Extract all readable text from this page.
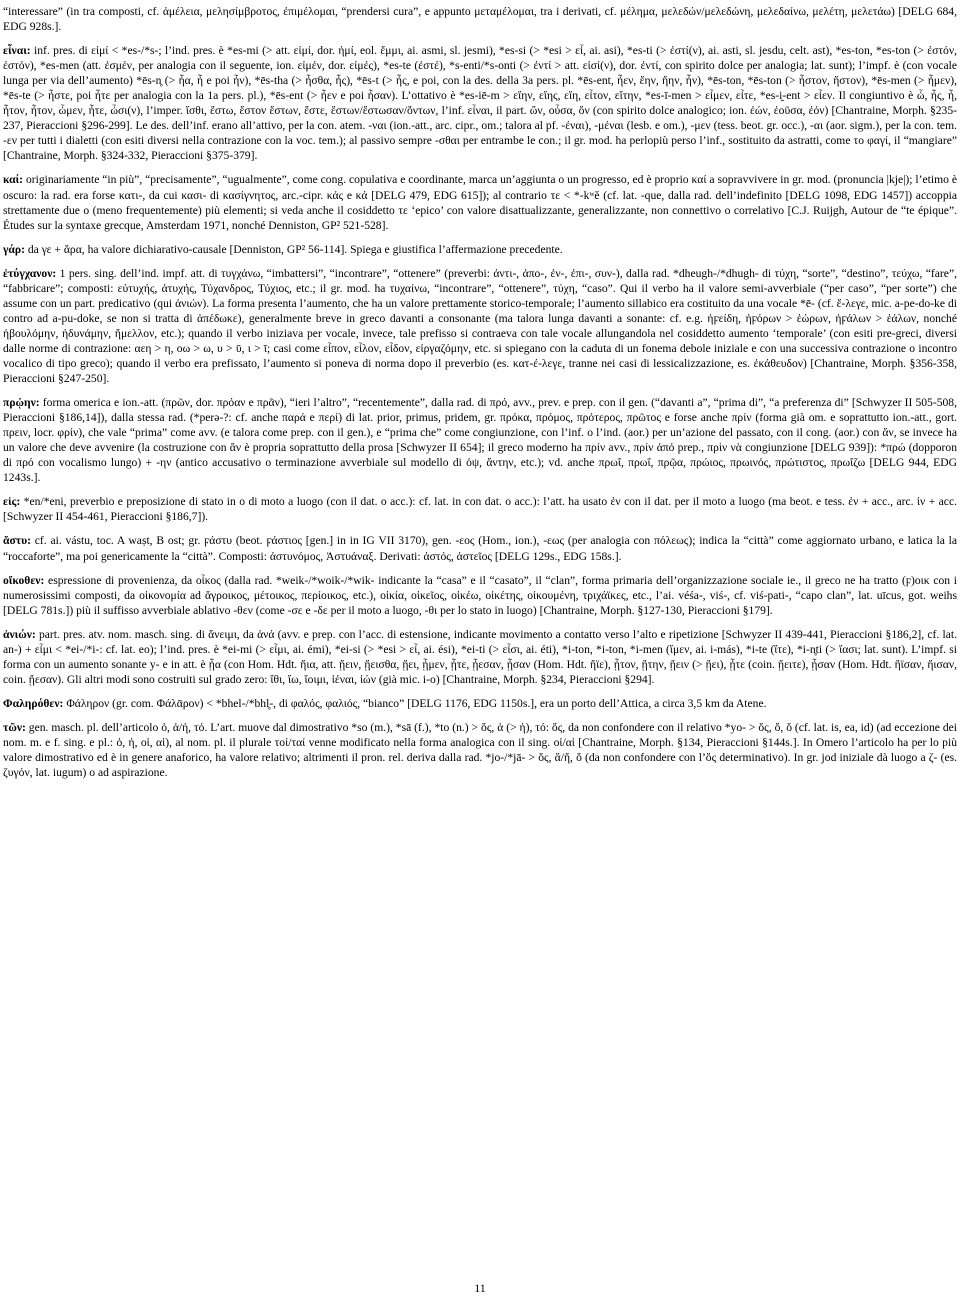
“interessare” (in tra composti, cf. ἀμέλεια, μελησίμβροτος, ἐπιμέλομαι, “prendersi cura”, e appunto μεταμέλομαι, tra i derivati, cf. μέλημα, μελεδών/μελεδώνη, μελεδαίνω, μελέτη, μελετάω) [DELG 684, EDG 928s.].
εἶναι: inf. pres. di εἰμί < *es-/*s-; l’ind. pres. è *es-mi (> att. εἰμί, dor. ἠμί, eol. ἔμμι, ai. asmi, sl. jesmi), *es-si (> *esi > εἶ, ai. asi), *es-ti (> ἐστί(ν), ai. asti, sl. jesdu, celt. ast), *es-ton, *es-ton (> ἐστόν, ἐστόν), *es-men (att. ἐσμέν, per analogia con il seguente, ion. εἰμέν, dor. εἰμές), *es-te (ἐστέ), *s-enti/*s-onti (> ἐντί > att. εἰσί(ν), dor. ἐντί, con spirito dolce per analogia; lat. sunt); l’impf. è (con vocale lunga per via dell’aumento) *ēs-n̥ (> ἦα, ἦ e poi ἦν), *ēs-tha (> ἦσθα, ἦς), *ēs-t (> ἦς, e poi, con la des. della 3a pers. pl. *ēs-ent, ἦεν, ἔην, ἤην, ἦν), *ēs-ton, *ēs-ton (> ἦστον, ἤστον), *ēs-men (> ἦμεν), *ēs-te (> ἦστε, poi ἦτε per analogia con la 1a pers. pl.), *ēs-ent (> ἦεν e poi ἦσαν). L’ottativo è *es-iē-m > εἴην, εἴης, εἴη, εἶτον, εἴτην, *es-ī-men > εἶμεν, εἶτε, *es-i̯-ent > εἶεν. Il congiuntivo è ὦ, ἦς, ἦ, ἦτον, ἦτον, ὦμεν, ἦτε, ὦσι(ν), l’imper. ἴσθι, ἔστω, ἔστον ἔστων, ἔστε, ἔστων/ἔστωσαν/ὄντων, l’inf. εἶναι, il part. ὤν, οὖσα, ὄν (con spirito dolce analogico; ion. ἐών, ἐοῦσα, ἐόν) [Chantraine, Morph. §235-237, Pieraccioni §296-299]. Le des. dell’inf. erano all’attivo, per la con. atem. -ναι (ion.-att., arc. cipr., om.; talora al pf. -έναι), -μέναι (lesb. e om.), -μεν (tess. beot. gr. occ.), -αι (aor. sigm.), per la con. tem. -εν per tutti i dialetti (con esiti diversi nella contrazione con la voc. tem.); al passivo sempre -σθαι per entrambe le con.; il gr. mod. ha perlopiù perso l’inf., sostituito da astratti, come το φαγί, il “mangiare” [Chantraine, Morph. §324-332, Pieraccioni §375-379].
καί: originariamente “in più”, “precisamente”, “ugualmente”, come cong. copulativa e coordinante, marca un’aggiunta o un progresso, ed è proprio καί a sopravvivere in gr. mod. (pronuncia |kje|); l’etimo è oscuro: la rad. era forse κατι-, da cui κασι- di κασίγνητος, arc.-cipr. κάς e κά [DELG 479, EDG 615]); al contrario τε < *-kʷĕ (cf. lat. -que, dalla rad. dell’indefinito [DELG 1098, EDG 1457]) accoppia strettamente due o (meno frequentemente) più elementi; si veda anche il cosiddetto τε ‘epico’ con valore disattualizzante, generalizzante, non connettivo o correlativo [C.J. Ruijgh, Autour de “te épique”. Études sur la syntaxe grecque, Amsterdam 1971, nonché Denniston, GP² 521-528].
γάρ: da γε + ἄρα, ha valore dichiarativo-causale [Denniston, GP² 56-114]. Spiega e giustifica l’affermazione precedente.
ἐτύγχανον: 1 pers. sing. dell’ind. impf. att. di τυγχάνω, “imbattersi”, “incontrare”, “ottenere” (preverbi: ἀντι-, ἀπο-, ἐν-, ἐπι-, συν-), dalla rad. *dheugh-/*dhugh- di τύχη, “sorte”, “destino”, τεύχω, “fare”, “fabbricare”; composti: εὐτυχής, ἀτυχής, Τύχανδρος, Τύχιος, etc.; il gr. mod. ha τυχαίνω, “incontrare”, “ottenere”, τύχη, “caso”. Qui il verbo ha il valore semi-avverbiale (“per caso”, “per sorte”) che assume con un part. predicativo (qui ἀνιών). La forma presenta l’aumento, che ha un valore prettamente storico-temporale; l’aumento sillabico era costituito da una vocale *ē- (cf. ἔ-λεγε, mic. a-pe-do-ke di contro ad a-pu-doke, se non si tratta di ἀπέδωκε), generalmente breve in greco davanti a consonante (ma talora lunga davanti a sonante: cf. e.g. ἠϝείδη, ἠϝόρων > ἑώρων, ἠϝάλων > ἑάλων, nonché ἠβουλόμην, ἠδυνάμην, ἤμελλον, etc.); quando il verbo iniziava per vocale, invece, tale prefisso si contraeva con tale vocale allungandola nel cosiddetto aumento ‘temporale’ (con esiti pre-greci, diversi dalle norme di contrazione: αεη > η, οω > ω, υ > ῡ, ι > ῑ; casi come εἶπον, εἶλον, εἶδον, εἰργαζόμην, etc. si spiegano con la caduta di un fonema debole iniziale e con una successiva contrazione o incontro vocalico di tipo greco); quando il verbo era prefissato, l’aumento si poneva di norma dopo il preverbio (es. κατ-έ-λεγε, tranne nei casi di lessicalizzazione, es. ἐκάθευδον) [Chantraine, Morph. §356-358, Pieraccioni §247-250].
πρῴην: forma omerica e ion.-att. (πρῶν, dor. πρόαν e πρᾶν), “ieri l’altro”, “recentemente”, dalla rad. di πρό, avv., prev. e prep. con il gen. (“davanti a”, “prima di”, “a preferenza di” [Schwyzer II 505-508, Pieraccioni §186,14]), dalla stessa rad. (*perə-?: cf. anche παρά e περί) di lat. prior, primus, pridem, gr. πρόκα, πρόμος, πρότερος, πρῶτος e forse anche πρίν (forma già om. e soprattutto ion.-att., gort. πρειν, locr. φρίν), che vale “prima” come avv. (e talora come prep. con il gen.), e “prima che” come congiunzione, con l’inf. o l’ind. (aor.) per un’azione del passato, con il cong. (aor.) con ἄν, se invece ha un valore che deve avvenire (la costruzione con ἄν è propria soprattutto della prosa [Schwyzer II 654]; il greco moderno ha πρίν avv., πρίν ἀπό prep., πρὶν νὰ congiunzione [DELG 939]): *πρώ (dopporon di πρό con vocalismo lungo) + -ην (antico accusativo o terminazione avverbiale sul modello di ὀψ, ἄντην, etc.); vd. anche πρωΐ, πρωΐ, πρῷα, πρώιος, πρωινός, πρώτιστος, πρωΐζω [DELG 944, EDG 1243s.].
εἰς: *en/*eni, preverbio e preposizione di stato in o di moto a luogo (con il dat. o acc.): cf. lat. in con dat. o acc.): l’att. ha usato ἐν con il dat. per il moto a luogo (ma beot. e tess. ἐν + acc., arc. ἰν + acc. [Schwyzer II 454-461, Pieraccioni §186,7]).
ἄστυ: cf. ai. vástu, toc. A waṣt, B ost; gr. ϝάστυ (beot. ϝάστιος [gen.] in in IG VII 3170), gen. -εος (Hom., ion.), -εως (per analogia con πόλεως); indica la “città” come aggiornato urbano, e latica la la “roccaforte”, ma poi genericamente la “città”. Composti: ἀστυνόμος, Ἀστυάναξ. Derivati: ἀστός, ἀστεῖος [DELG 129s., EDG 158s.].
οἴκοθεν: espressione di provenienza, da οἶκος (dalla rad. *weik-/*woik-/*wik- indicante la “casa” e il “casato”, il “clan”, forma primaria dell’organizzazione sociale ie., il greco ne ha tratto (ϝ)οικ con i numerosissimi composti, da οἰκονομία ad ἄγροικος, μέτοικος, περίοικος, etc.), οἰκία, οἰκεῖος, οἰκέω, οἰκέτης, οἰκουμένη, τριχάϊκες, etc., l’ai. véśa-, viś-, cf. viś-pati-, “capo clan”, lat. uīcus, got. weihs [DELG 781s.]) più il suffisso avverbiale ablativo -θεν (come -σε e -δε per il moto a luogo, -θι per lo stato in luogo) [Chantraine, Morph. §127-130, Pieraccioni §179].
ἀνιών: part. pres. atv. nom. masch. sing. di ἄνειμι, da ἀνά (avv. e prep. con l’acc. di estensione, indicante movimento a contatto verso l’alto e ripetizione [Schwyzer II 439-441, Pieraccioni §186,2], cf. lat. an-) + εἶμι < *ei-/*i-: cf. lat. eo); l’ind. pres. è *ei-mi (> εἶμι, ai. émi), *ei-si (> *esi > εἶ, ai. ési), *ei-ti (> εἶσι, ai. éti), *i-ton, *i-ton, *i-men (ἴμεν, ai. i-más), *i-te (ἴτε), *i-n̥ti (> ἴασι; lat. sunt). L’impf. si forma con un aumento sonante y- e in att. è ᾖα (con Hom. Hdt. ἤια, att. ᾔειν, ᾔεισθα, ᾔει, ᾖμεν, ᾖτε, ᾖεσαν, ᾖσαν (Hom. Hdt. ἤϊε), ᾖτον, ᾔτην, ᾔειν (> ᾔει), ᾖτε (coin. ᾔειτε), ᾖσαν (Hom. Hdt. ἤϊσαν, ἤισαν, coin. ᾔεσαν). Gli altri modi sono costruiti sul grado zero: ἴθι, ἴω, ἴοιμι, ἰέναι, ἰών (già mic. i-o) [Chantraine, Morph. §234, Pieraccioni §294].
Φαληρόθεν: Φάληρον (gr. com. Φάλᾱρον) < *bhel-/*bhl̥-, di φαλός, φαλιός, “bianco” [DELG 1176, EDG 1150s.], era un porto dell’Attica, a circa 3,5 km da Atene.
τῶν: gen. masch. pl. dell’articolo ὁ, ἁ/ἡ, τό. L’art. muove dal dimostrativo *so (m.), *sā (f.), *to (n.) > ὅς, ἁ (> ἡ), τό: ὅς, da non confondere con il relativo *yo- > ὅς, ὅ, ὅ (cf. lat. is, ea, id) (ad eccezione dei nom. m. e f. sing. e pl.: ὁ, ἡ, οἱ, αἱ), al nom. pl. il plurale τοί/ταί venne modificato nella forma analogica con il sing. οἱ/αἱ [Chantraine, Morph. §134, Pieraccioni §144s.]. In Omero l’articolo ha per lo più valore dimostrativo ed è in genere anaforico, ha valore relativo; altrimenti il pron. rel. deriva dalla rad. *jo-/*jā- > ὅς, ἅ/ἥ, ὅ (da non confondere con l’ὅς determinativo). In gr. jod iniziale dà luogo a ζ- (es. ζυγόν, lat. iugum) o ad aspirazione.
11
